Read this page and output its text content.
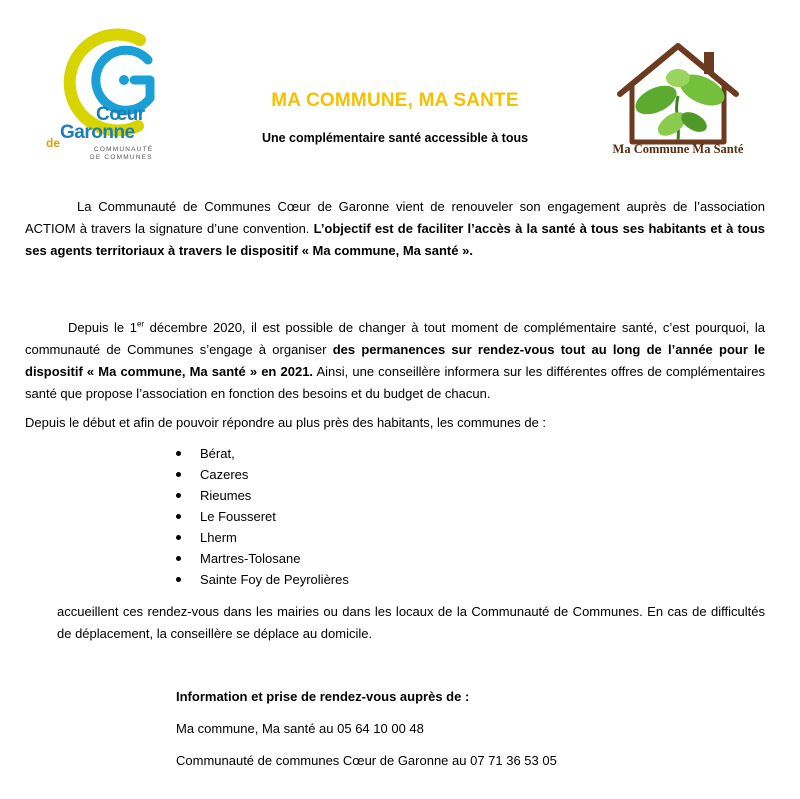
Cœur
de Garonne
COMMUNAUTÉ
DE COMMUNES
MA COMMUNE, MA SANTE
Une complémentaire santé accessible à tous
Ma Commune Ma Santé
La Communauté de Communes Cœur de Garonne vient de renouveler son engagement auprès de l’association ACTIOM à travers la signature d’une convention. L’objectif est de faciliter l’accès à la santé à tous ses habitants et à tous ses agents territoriaux à travers le dispositif « Ma commune, Ma santé ».
Depuis le 1er décembre 2020, il est possible de changer à tout moment de complémentaire santé, c’est pourquoi, la communauté de Communes s’engage à organiser des permanences sur rendez-vous tout au long de l’année pour le dispositif « Ma commune, Ma santé » en 2021. Ainsi, une conseillère informera sur les différentes offres de complémentaires santé que propose l’association en fonction des besoins et du budget de chacun.
Depuis le début et afin de pouvoir répondre au plus près des habitants, les communes de :
Bérat,
Cazeres
Rieumes
Le Fousseret
Lherm
Martres-Tolosane
Sainte Foy de Peyrolières
accueillent ces rendez-vous dans les mairies ou dans les locaux de la Communauté de Communes. En cas de difficultés de déplacement, la conseillère se déplace au domicile.
Information et prise de rendez-vous auprès de :
Ma commune, Ma santé au 05 64 10 00 48
Communauté de communes Cœur de Garonne au 07 71 36 53 05
